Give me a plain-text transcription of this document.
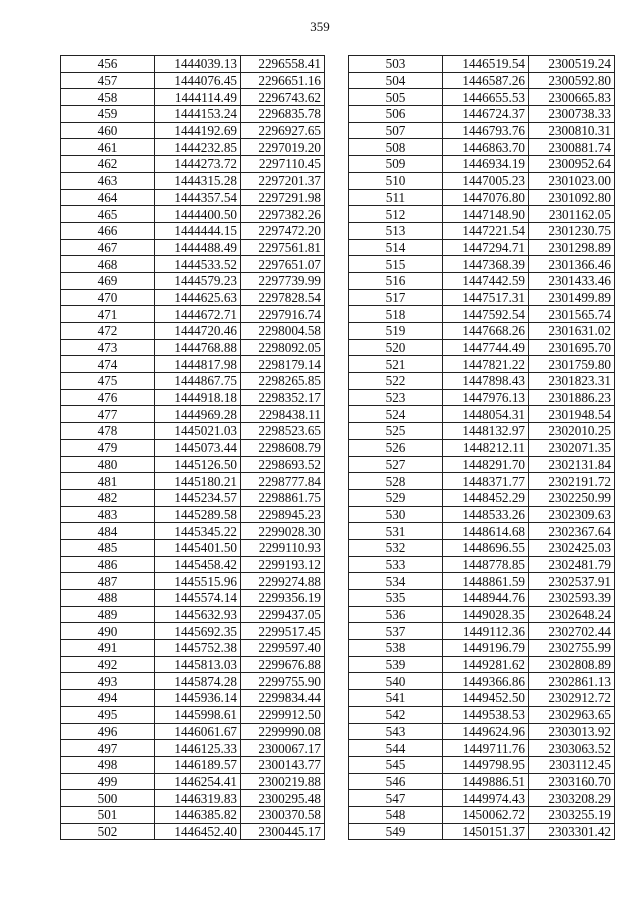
359
456	1444039.13	2296558.41
457	1444076.45	2296651.16
458	1444114.49	2296743.62
459	1444153.24	2296835.78
460	1444192.69	2296927.65
461	1444232.85	2297019.20
462	1444273.72	2297110.45
463	1444315.28	2297201.37
464	1444357.54	2297291.98
465	1444400.50	2297382.26
466	1444444.15	2297472.20
467	1444488.49	2297561.81
468	1444533.52	2297651.07
469	1444579.23	2297739.99
470	1444625.63	2297828.54
471	1444672.71	2297916.74
472	1444720.46	2298004.58
473	1444768.88	2298092.05
474	1444817.98	2298179.14
475	1444867.75	2298265.85
476	1444918.18	2298352.17
477	1444969.28	2298438.11
478	1445021.03	2298523.65
479	1445073.44	2298608.79
480	1445126.50	2298693.52
481	1445180.21	2298777.84
482	1445234.57	2298861.75
483	1445289.58	2298945.23
484	1445345.22	2299028.30
485	1445401.50	2299110.93
486	1445458.42	2299193.12
487	1445515.96	2299274.88
488	1445574.14	2299356.19
489	1445632.93	2299437.05
490	1445692.35	2299517.45
491	1445752.38	2299597.40
492	1445813.03	2299676.88
493	1445874.28	2299755.90
494	1445936.14	2299834.44
495	1445998.61	2299912.50
496	1446061.67	2299990.08
497	1446125.33	2300067.17
498	1446189.57	2300143.77
499	1446254.41	2300219.88
500	1446319.83	2300295.48
501	1446385.82	2300370.58
502	1446452.40	2300445.17
503	1446519.54	2300519.24
504	1446587.26	2300592.80
505	1446655.53	2300665.83
506	1446724.37	2300738.33
507	1446793.76	2300810.31
508	1446863.70	2300881.74
509	1446934.19	2300952.64
510	1447005.23	2301023.00
511	1447076.80	2301092.80
512	1447148.90	2301162.05
513	1447221.54	2301230.75
514	1447294.71	2301298.89
515	1447368.39	2301366.46
516	1447442.59	2301433.46
517	1447517.31	2301499.89
518	1447592.54	2301565.74
519	1447668.26	2301631.02
520	1447744.49	2301695.70
521	1447821.22	2301759.80
522	1447898.43	2301823.31
523	1447976.13	2301886.23
524	1448054.31	2301948.54
525	1448132.97	2302010.25
526	1448212.11	2302071.35
527	1448291.70	2302131.84
528	1448371.77	2302191.72
529	1448452.29	2302250.99
530	1448533.26	2302309.63
531	1448614.68	2302367.64
532	1448696.55	2302425.03
533	1448778.85	2302481.79
534	1448861.59	2302537.91
535	1448944.76	2302593.39
536	1449028.35	2302648.24
537	1449112.36	2302702.44
538	1449196.79	2302755.99
539	1449281.62	2302808.89
540	1449366.86	2302861.13
541	1449452.50	2302912.72
542	1449538.53	2302963.65
543	1449624.96	2303013.92
544	1449711.76	2303063.52
545	1449798.95	2303112.45
546	1449886.51	2303160.70
547	1449974.43	2303208.29
548	1450062.72	2303255.19
549	1450151.37	2303301.42
